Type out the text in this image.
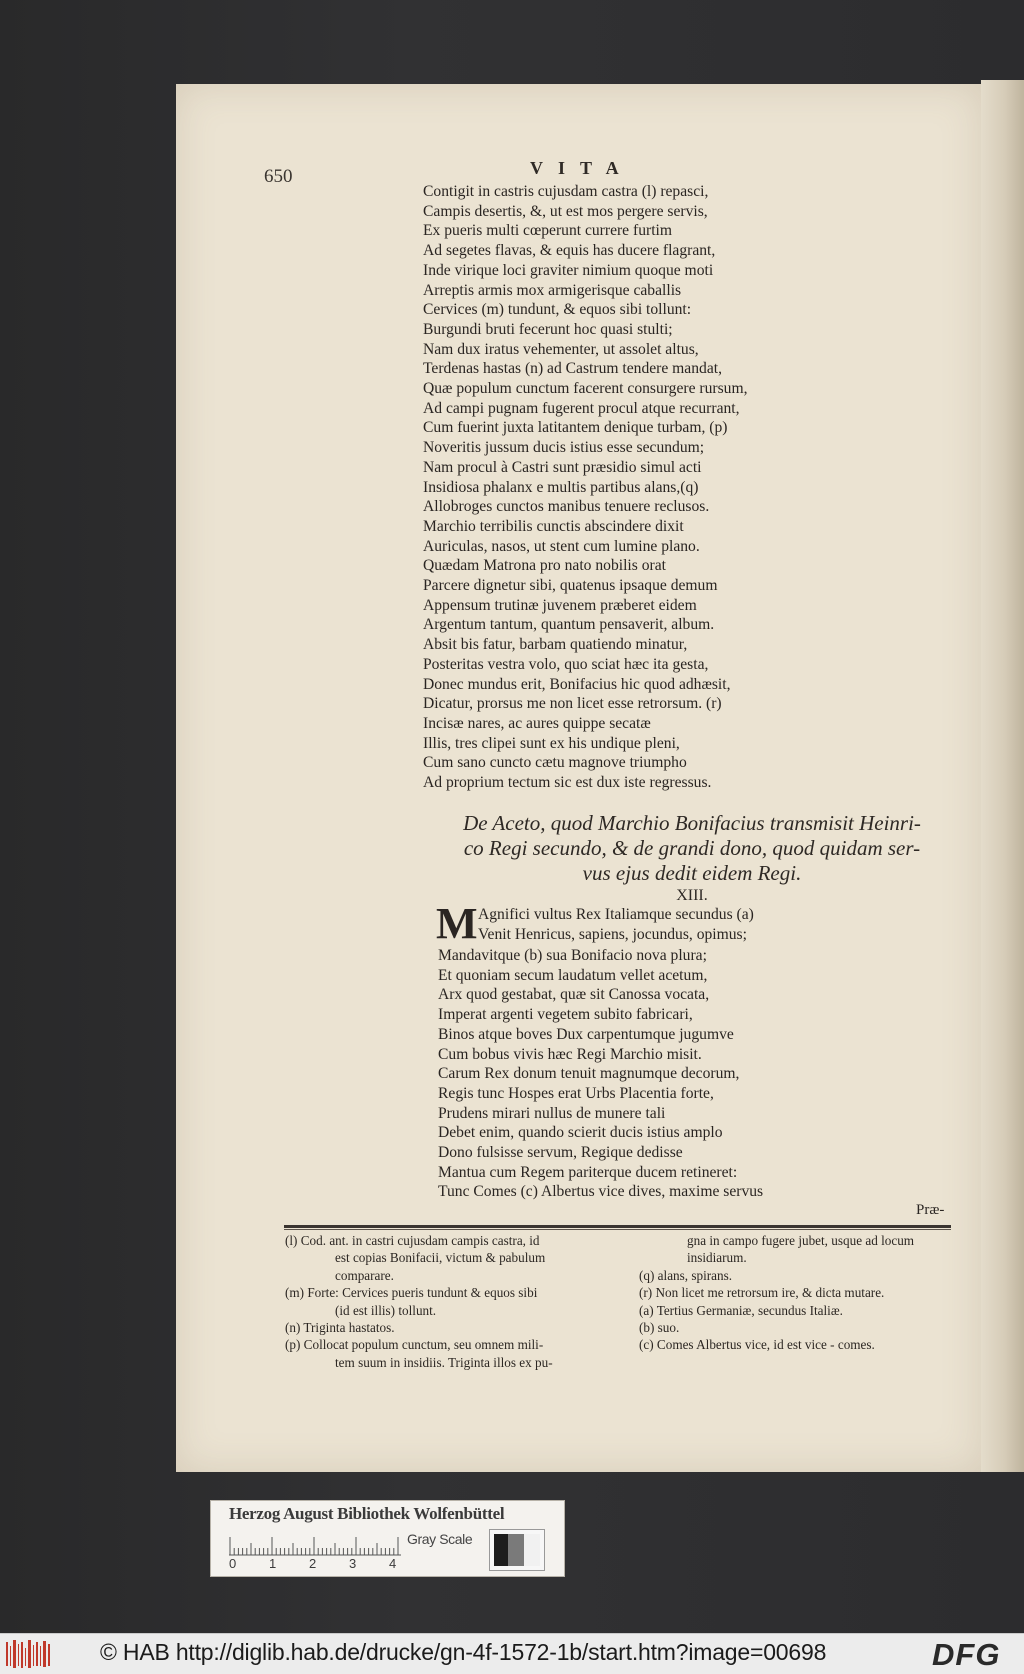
650	VITA
Contigit in castris cujusdam castra (l) repasci,
Campis desertis, &, ut est mos pergere servis,
Ex pueris multi cœperunt currere furtim
Ad segetes flavas, & equis has ducere flagrant,
Inde virique loci graviter nimium quoque moti
Arreptis armis mox armigerisque caballis
Cervices (m) tundunt, & equos sibi tollunt:
Burgundi bruti fecerunt hoc quasi stulti;
Nam dux iratus vehementer, ut assolet altus,
Terdenas hastas (n) ad Castrum tendere mandat,
Quæ populum cunctum facerent consurgere rursum,
Ad campi pugnam fugerent procul atque recurrant,
Cum fuerint juxta latitantem denique turbam, (p)
Noveritis jussum ducis istius esse secundum;
Nam procul à Castri sunt præsidio simul acti
Insidiosa phalanx e multis partibus alans,(q)
Allobroges cunctos manibus tenuere reclusos.
Marchio terribilis cunctis abscindere dixit
Auriculas, nasos, ut stent cum lumine plano.
Quædam Matrona pro nato nobilis orat
Parcere dignetur sibi, quatenus ipsaque demum
Appensum trutinæ juvenem præberet eidem
Argentum tantum, quantum pensaverit, album.
Absit bis fatur, barbam quatiendo minatur,
Posteritas vestra volo, quo sciat hæc ita gesta,
Donec mundus erit, Bonifacius hic quod adhæsit,
Dicatur, prorsus me non licet esse retrorsum. (r)
Incisæ nares, ac aures quippe secatæ
Illis, tres clipei sunt ex his undique pleni,
Cum sano cuncto cætu magnove triumpho
Ad proprium tectum sic est dux iste regressus.
De Aceto, quod Marchio Bonifacius transmisit Heinri-
co Regi secundo, & de grandi dono, quod quidam ser-
vus ejus dedit eidem Regi.
XIII.
M Agnifici vultus Rex Italiamque secundus (a)
Venit Henricus, sapiens, jocundus, opimus;
Mandavitque (b) sua Bonifacio nova plura;
Et quoniam secum laudatum vellet acetum,
Arx quod gestabat, quæ sit Canossa vocata,
Imperat argenti vegetem subito fabricari,
Binos atque boves Dux carpentumque jugumve
Cum bobus vivis hæc Regi Marchio misit.
Carum Rex donum tenuit magnumque decorum,
Regis tunc Hospes erat Urbs Placentia forte,
Prudens mirari nullus de munere tali
Debet enim, quando scierit ducis istius amplo
Dono fulsisse servum, Regique dedisse
Mantua cum Regem pariterque ducem retineret:
Tunc Comes (c) Albertus vice dives, maxime servus
Præ-
(l) Cod. ant. in castri cujusdam campis castra, id
est copias Bonifacii, victum & pabulum
comparare.
(m) Forte: Cervices pueris tundunt & equos sibi
(id est illis) tollunt.
(n) Triginta hastatos.
(p) Collocat populum cunctum, seu omnem mili-
tem suum in insidiis. Triginta illos ex pu-
gna in campo fugere jubet, usque ad locum
insidiarum.
(q) alans, spirans.
(r) Non licet me retrorsum ire, & dicta mutare.
(a) Tertius Germaniæ, secundus Italiæ.
(b) suo.
(c) Comes Albertus vice, id est vice - comes.
Herzog August Bibliothek Wolfenbüttel
0	1	2	3	4
Gray Scale
© HAB http://diglib.hab.de/drucke/gn-4f-1572-1b/start.htm?image=00698	DFG
